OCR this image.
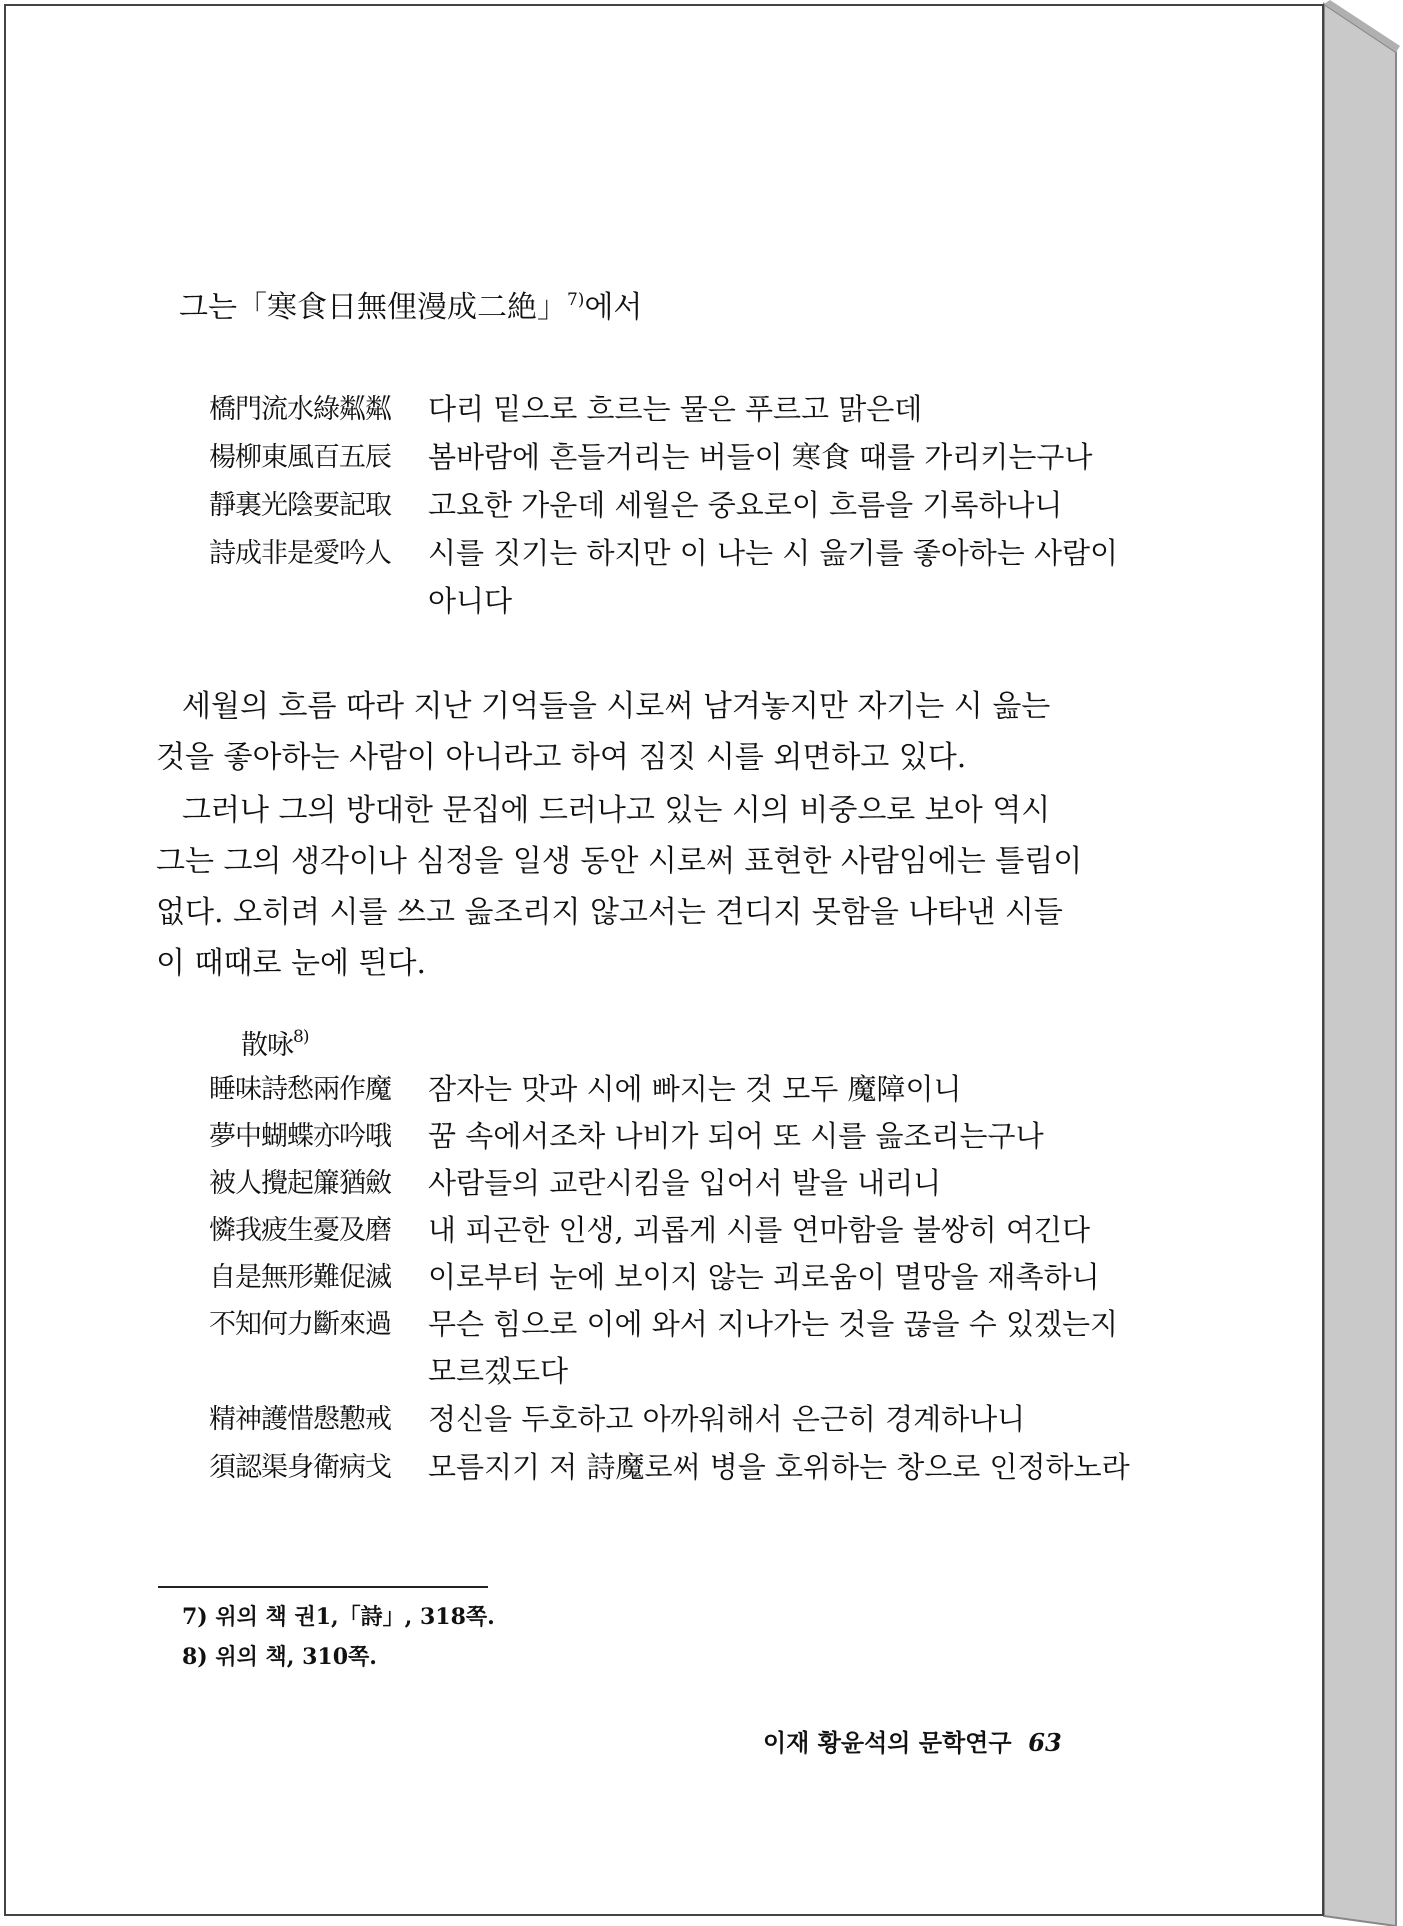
그는「寒食日無俚漫成二絶」$^{7)}$에서
橋門流水綠粼粼 다리 밑으로 흐르는 물은 푸르고 맑은데
楊柳東風百五辰 봄바람에 흔들거리는 버들이 寒食 때를 가리키는구나
靜裏光陰要記取 고요한 가운데 세월은 중요로이 흐름을 기록하나니
詩成非是愛吟人 시를 짓기는 하지만 이 나는 시 읊기를 좋아하는 사람이
아니다
세월의 흐름 따라 지난 기억들을 시로써 남겨놓지만 자기는 시 읊는
것을 좋아하는 사람이 아니라고 하여 짐짓 시를 외면하고 있다.
그러나 그의 방대한 문집에 드러나고 있는 시의 비중으로 보아 역시
그는 그의 생각이나 심정을 일생 동안 시로써 표현한 사람임에는 틀림이
없다. 오히려 시를 쓰고 읊조리지 않고서는 견디지 못함을 나타낸 시들
이 때때로 눈에 띈다.
散咏$^{8)}$
睡味詩愁兩作魔 잠자는 맛과 시에 빠지는 것 모두 魔障이니
夢中蝴蝶亦吟哦 꿈 속에서조차 나비가 되어 또 시를 읊조리는구나
被人攪起簾猶斂 사람들의 교란시킴을 입어서 발을 내리니
憐我疲生憂及磨 내 피곤한 인생, 괴롭게 시를 연마함을 불쌍히 여긴다
自是無形難促滅 이로부터 눈에 보이지 않는 괴로움이 멸망을 재촉하니
不知何力斷來過 무슨 힘으로 이에 와서 지나가는 것을 끊을 수 있겠는지
모르겠도다
精神護惜慇懃戒 정신을 두호하고 아까워해서 은근히 경계하나니
須認渠身衛病戈 모름지기 저 詩魔로써 병을 호위하는 창으로 인정하노라
7) 위의 책 권1,「詩」, 318쪽.
8) 위의 책, 310쪽.
이재 황윤석의 문학연구 63
